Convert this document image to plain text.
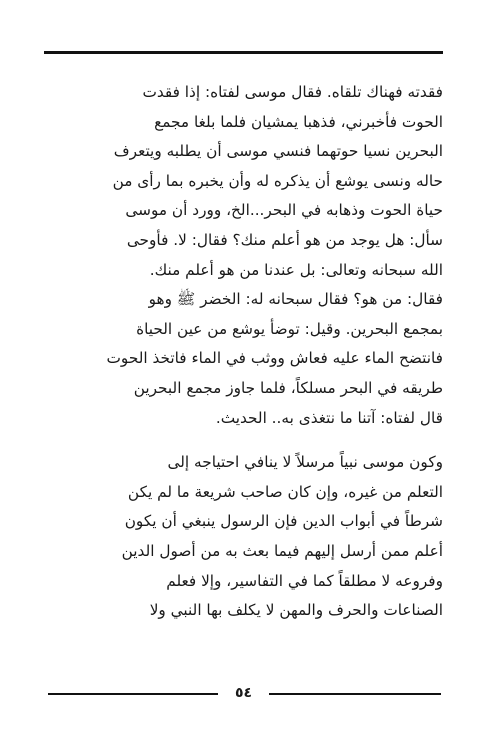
فقدته فهناك تلقاه. فقال موسى لفتاه: إذا فقدت
الحوت فأخبرني، فذهبا يمشيان فلما بلغا مجمع
البحرين نسيا حوتهما فنسي موسى أن يطلبه ويتعرف
حاله ونسى يوشع أن يذكره له وأن يخبره بما رأى من
حياة الحوت وذهابه في البحر...الخ، وورد أن موسى
سأل: هل يوجد من هو أعلم منك؟ فقال: لا. فأوحى
الله سبحانه وتعالى: بل عندنا من هو أعلم منك.
فقال: من هو؟ فقال سبحانه له: الخضر ﷺ وهو
بمجمع البحرين. وقيل: توضأ يوشع من عين الحياة
فانتضح الماء عليه فعاش ووثب في الماء فاتخذ الحوت
طريقه في البحر مسلكاً، فلما جاوز مجمع البحرين
قال لفتاه: آتنا ما نتغذى به.. الحديث.
وكون موسى نبياً مرسلاً لا ينافي احتياجه إلى
التعلم من غيره، وإن كان صاحب شريعة ما لم يكن
شرطاً في أبواب الدين فإن الرسول ينبغي أن يكون
أعلم ممن أرسل إليهم فيما بعث به من أصول الدين
وفروعه لا مطلقاً كما في التفاسير، وإلا فعلم
الصناعات والحرف والمهن لا يكلف بها النبي ولا
٥٤
